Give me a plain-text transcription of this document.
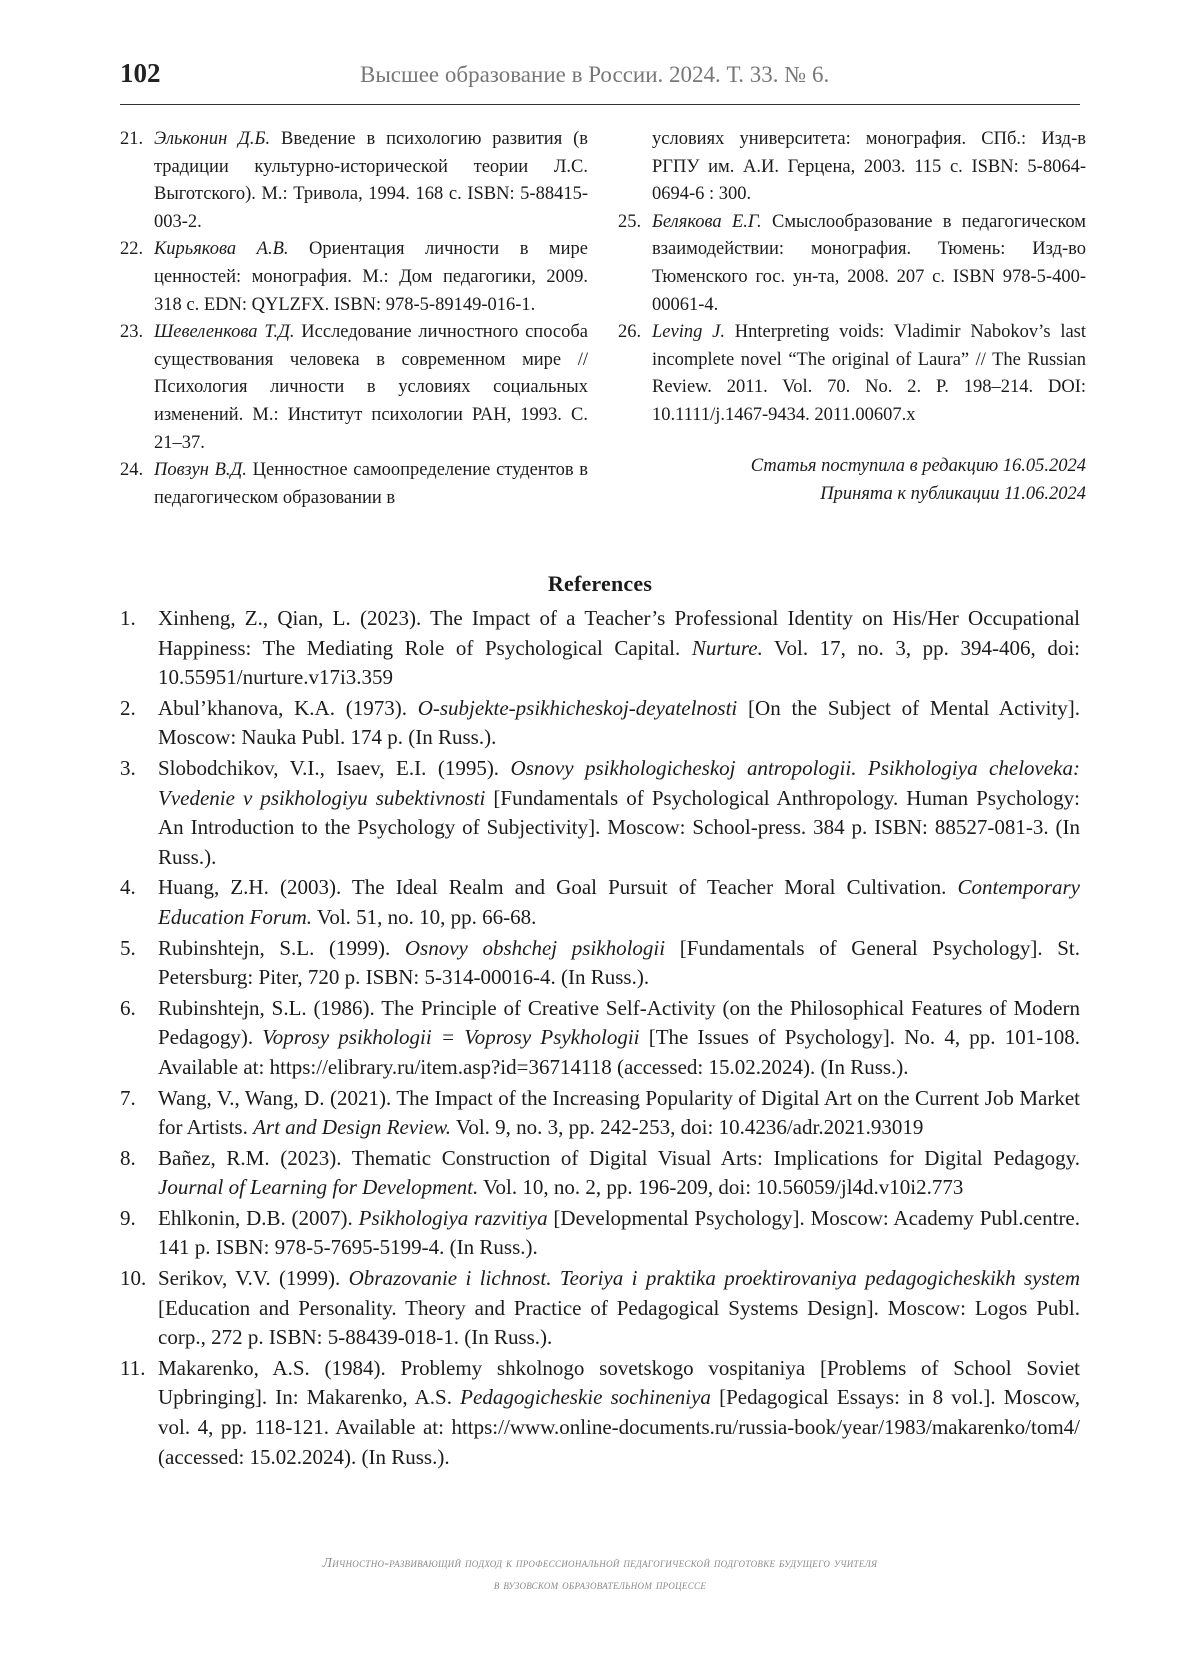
102	Высшее образование в России. 2024. Т. 33. № 6.
21. Эльконин Д.Б. Введение в психологию развития (в традиции культурно-исторической теории Л.С. Выготского). М.: Тривола, 1994. 168 с. ISBN: 5-88415-003-2.
22. Кирьякова А.В. Ориентация личности в мире ценностей: монография. М.: Дом педагогики, 2009. 318 с. EDN: QYLZFX. ISBN: 978-5-89149-016-1.
23. Шевеленкова Т.Д. Исследование личностного способа существования человека в современном мире // Психология личности в условиях социальных изменений. М.: Институт психологии РАН, 1993. С. 21–37.
24. Повзун В.Д. Ценностное самоопределение студентов в педагогическом образовании в
условиях университета: монография. СПб.: Изд-в РГПУ им. А.И. Герцена, 2003. 115 с. ISBN: 5-8064-0694-6 : 300.
25. Белякова Е.Г. Смыслообразование в педагогическом взаимодействии: монография. Тюмень: Изд-во Тюменского гос. ун-та, 2008. 207 с. ISBN 978-5-400-00061-4.
26. Leving J. Hnterpreting voids: Vladimir Nabokov’s last incomplete novel “The original of Laura” // The Russian Review. 2011. Vol. 70. No. 2. P. 198–214. DOI: 10.1111/j.1467-9434. 2011.00607.x
Статья поступила в редакцию 16.05.2024
Принята к публикации 11.06.2024
References
1.	Xinheng, Z., Qian, L. (2023). The Impact of a Teacher’s Professional Identity on His/Her Occupational Happiness: The Mediating Role of Psychological Capital. Nurture. Vol. 17, no. 3, pp. 394-406, doi: 10.55951/nurture.v17i3.359
2.	Abul’khanova, K.A. (1973). O-subjekte-psikhicheskoj-deyatelnosti [On the Subject of Mental Activity]. Moscow: Nauka Publ. 174 p. (In Russ.).
3.	Slobodchikov, V.I., Isaev, E.I. (1995). Osnovy psikhologicheskoj antropologii. Psikhologiya cheloveka: Vvedenie v psikhologiyu subektivnosti [Fundamentals of Psychological Anthropology. Human Psychology: An Introduction to the Psychology of Subjectivity]. Moscow: School-press. 384 p. ISBN: 88527-081-3. (In Russ.).
4.	Huang, Z.H. (2003). The Ideal Realm and Goal Pursuit of Teacher Moral Cultivation. Contemporary Education Forum. Vol. 51, no. 10, pp. 66-68.
5.	Rubinshtejn, S.L. (1999). Osnovy obshchej psikhologii [Fundamentals of General Psychology]. St. Petersburg: Piter, 720 p. ISBN: 5-314-00016-4. (In Russ.).
6.	Rubinshtejn, S.L. (1986). The Principle of Creative Self-Activity (on the Philosophical Features of Modern Pedagogy). Voprosy psikhologii = Voprosy Psykhologii [The Issues of Psychology]. No. 4, pp. 101-108. Available at: https://elibrary.ru/item.asp?id=36714118 (accessed: 15.02.2024). (In Russ.).
7.	Wang, V., Wang, D. (2021). The Impact of the Increasing Popularity of Digital Art on the Current Job Market for Artists. Art and Design Review. Vol. 9, no. 3, pp. 242-253, doi: 10.4236/adr.2021.93019
8.	Bañez, R.M. (2023). Thematic Construction of Digital Visual Arts: Implications for Digital Pedagogy. Journal of Learning for Development. Vol. 10, no. 2, pp. 196-209, doi: 10.56059/jl4d.v10i2.773
9.	Ehlkonin, D.B. (2007). Psikhologiya razvitiya [Developmental Psychology]. Moscow: Academy Publ.centre. 141 p. ISBN: 978-5-7695-5199-4. (In Russ.).
10. Serikov, V.V. (1999). Obrazovanie i lichnost. Teoriya i praktika proektirovaniya pedagogicheskikh system [Education and Personality. Theory and Practice of Pedagogical Systems Design]. Moscow: Logos Publ. corp., 272 p. ISBN: 5-88439-018-1. (In Russ.).
11. Makarenko, A.S. (1984). Problemy shkolnogo sovetskogo vospitaniya [Problems of School Soviet Upbringing]. In: Makarenko, A.S. Pedagogicheskie sochineniya [Pedagogical Essays: in 8 vol.]. Moscow, vol. 4, pp. 118-121. Available at: https://www.online-documents.ru/russia-book/year/1983/makarenko/tom4/ (accessed: 15.02.2024). (In Russ.).
Личностно-развивающий подход к профессиональной педагогической подготовке будущего учителя
в вузовском образовательном процессе
